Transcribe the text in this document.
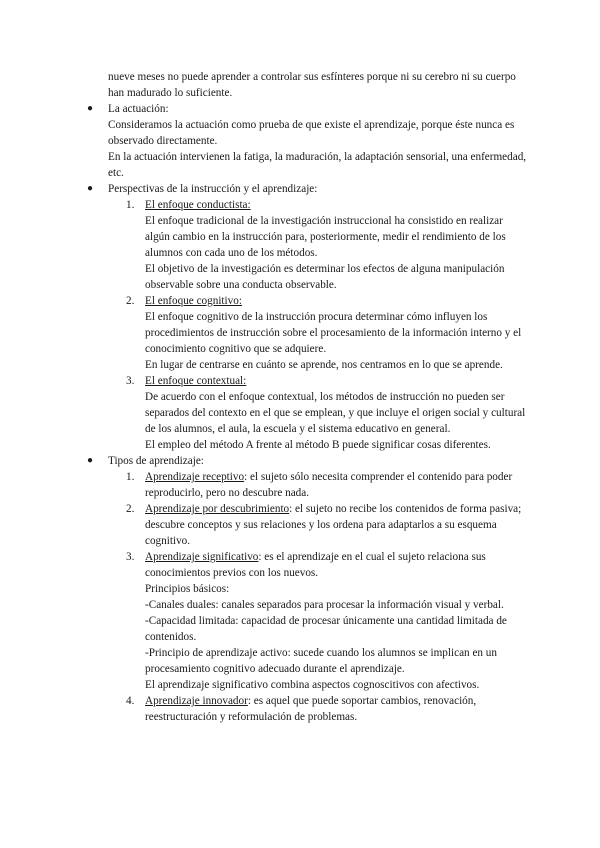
nueve meses no puede aprender a controlar sus esfínteres porque ni su cerebro ni su cuerpo han madurado lo suficiente.

●	La actuación:

Consideramos la actuación como prueba de que existe el aprendizaje, porque éste nunca es observado directamente.

En la actuación intervienen la fatiga, la maduración, la adaptación sensorial, una enfermedad, etc.

●	Perspectivas de la instrucción y el aprendizaje:

1. El enfoque conductista:

El enfoque tradicional de la investigación instruccional ha consistido en realizar algún cambio en la instrucción para, posteriormente, medir el rendimiento de los alumnos con cada uno de los métodos.

El objetivo de la investigación es determinar los efectos de alguna manipulación observable sobre una conducta observable.

2. El enfoque cognitivo:

El enfoque cognitivo de la instrucción procura determinar cómo influyen los procedimientos de instrucción sobre el procesamiento de la información interno y el conocimiento cognitivo que se adquiere.

En lugar de centrarse en cuánto se aprende, nos centramos en lo que se aprende.

3. El enfoque contextual:

De acuerdo con el enfoque contextual, los métodos de instrucción no pueden ser separados del contexto en el que se emplean, y que incluye el origen social y cultural de los alumnos, el aula, la escuela y el sistema educativo en general.

El empleo del método A frente al método B puede significar cosas diferentes.

●	Tipos de aprendizaje:

1. Aprendizaje receptivo: el sujeto sólo necesita comprender el contenido para poder reproducirlo, pero no descubre nada.

2. Aprendizaje por descubrimiento: el sujeto no recibe los contenidos de forma pasiva; descubre conceptos y sus relaciones y los ordena para adaptarlos a su esquema cognitivo.

3. Aprendizaje significativo: es el aprendizaje en el cual el sujeto relaciona sus conocimientos previos con los nuevos.

Principios básicos:

-Canales duales: canales separados para procesar la información visual y verbal.

-Capacidad limitada: capacidad de procesar únicamente una cantidad limitada de contenidos.

-Principio de aprendizaje activo: sucede cuando los alumnos se implican en un procesamiento cognitivo adecuado durante el aprendizaje.

El aprendizaje significativo combina aspectos cognoscitivos con afectivos.

4. Aprendizaje innovador: es aquel que puede soportar cambios, renovación, reestructuración y reformulación de problemas.
